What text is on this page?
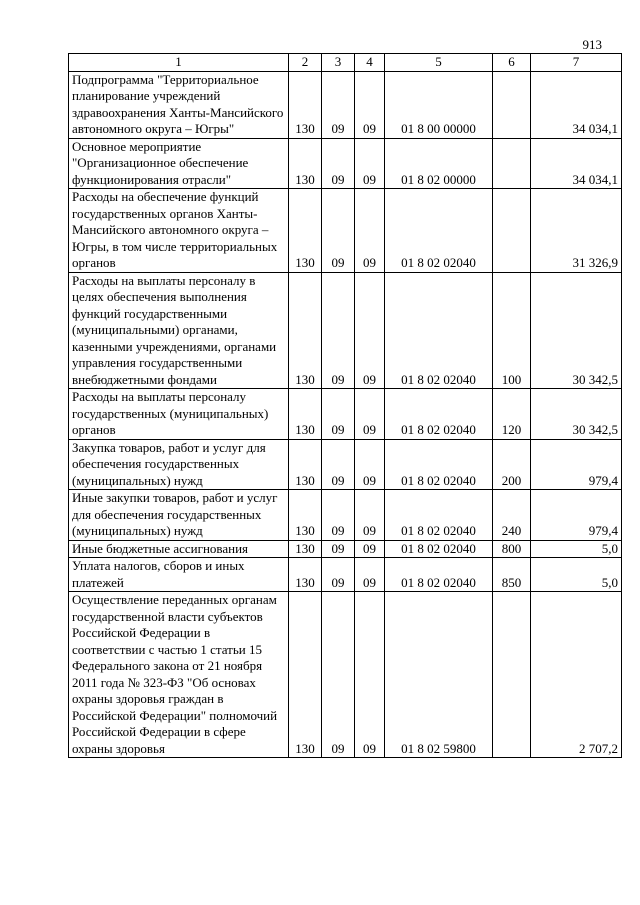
913
1	2	3	4	5	6	7
Подпрограмма "Территориальное планирование учреждений здравоохранения Ханты-Мансийского автономного округа – Югры"	130	09	09	01 8 00 00000		34 034,1
Основное мероприятие "Организационное обеспечение функционирования отрасли"	130	09	09	01 8 02 00000		34 034,1
Расходы на обеспечение функций государственных органов Ханты-Мансийского автономного округа – Югры, в том числе территориальных органов	130	09	09	01 8 02 02040		31 326,9
Расходы на выплаты персоналу в целях обеспечения выполнения функций государственными (муниципальными) органами, казенными учреждениями, органами управления государственными внебюджетными фондами	130	09	09	01 8 02 02040	100	30 342,5
Расходы на выплаты персоналу государственных (муниципальных) органов	130	09	09	01 8 02 02040	120	30 342,5
Закупка товаров, работ и услуг для обеспечения государственных (муниципальных) нужд	130	09	09	01 8 02 02040	200	979,4
Иные закупки товаров, работ и услуг для обеспечения государственных (муниципальных) нужд	130	09	09	01 8 02 02040	240	979,4
Иные бюджетные ассигнования	130	09	09	01 8 02 02040	800	5,0
Уплата налогов, сборов и иных платежей	130	09	09	01 8 02 02040	850	5,0
Осуществление переданных органам государственной власти субъектов Российской Федерации в соответствии с частью 1 статьи 15 Федерального закона от 21 ноября 2011 года № 323-ФЗ "Об основах охраны здоровья граждан в Российской Федерации" полномочий Российской Федерации в сфере охраны здоровья	130	09	09	01 8 02 59800		2 707,2
